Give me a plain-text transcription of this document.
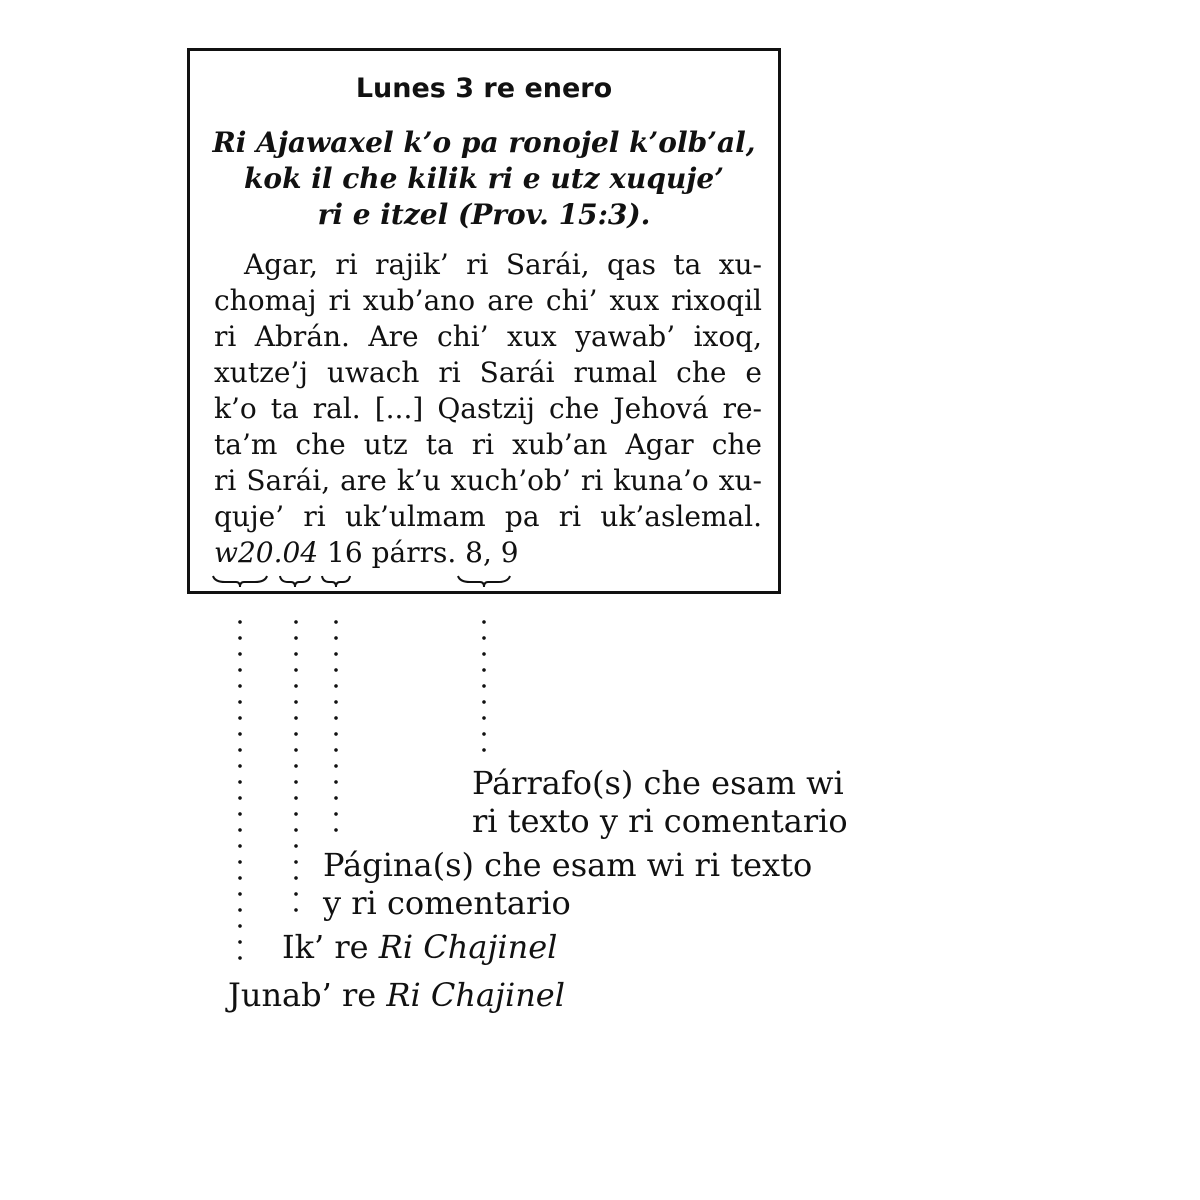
Lunes 3 re enero
Ri Ajawaxel k’o pa ronojel k’olb’al,
kok il che kilik ri e utz xuquje’
ri e itzel (Prov. 15:3).
Agar, ri rajik’ ri Sarái, qas ta xu-
chomaj ri xub’ano are chi’ xux rixoqil
ri Abrán. Are chi’ xux yawab’ ixoq,
xutze’j uwach ri Sarái rumal che e
k’o ta ral. [...] Qastzij che Jehová re-
ta’m che utz ta ri xub’an Agar che
ri Sarái, are k’u xuch’ob’ ri kuna’o xu-
quje’ ri uk’ulmam pa ri uk’aslemal.
w20.04 16 párrs. 8, 9
Párrafo(s) che esam wi
ri texto y ri comentario
Página(s) che esam wi ri texto
y ri comentario
Ik’ re Ri Chajinel
Junab’ re Ri Chajinel
